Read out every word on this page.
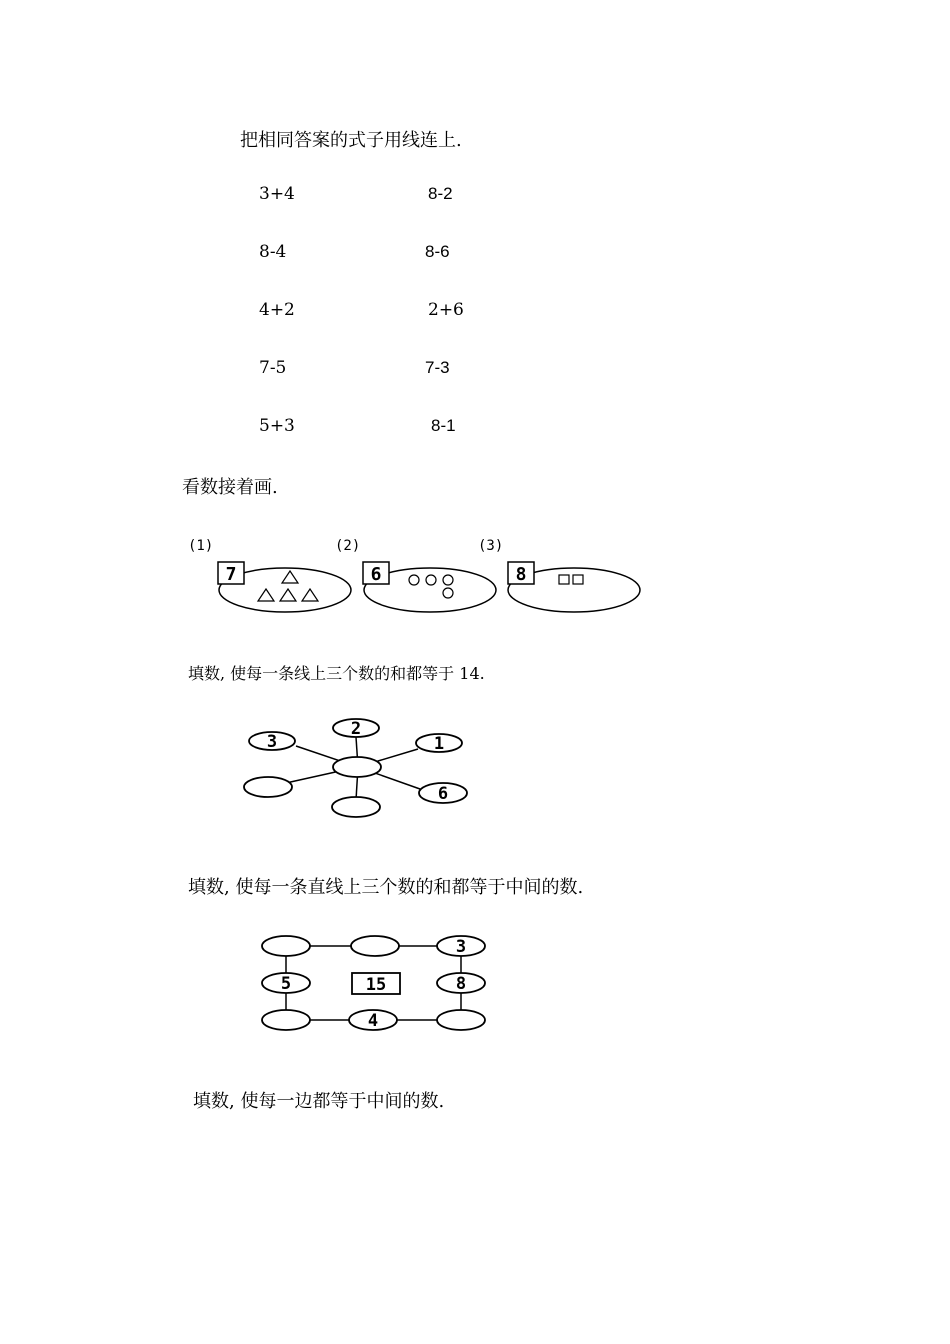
把相同答案的式子用线连上.
3+4
8-4
4+2
7-5
5+3
8-2
8-6
2+6
7-3
8-1
看数接着画.
(1)
7
(2)
6
(3)
8
填数, 使每一条线上三个数的和都等于 14.
2
3	1
6
填数, 使每一条直线上三个数的和都等于中间的数.
3
5	8
4
15
填数, 使每一边都等于中间的数.
